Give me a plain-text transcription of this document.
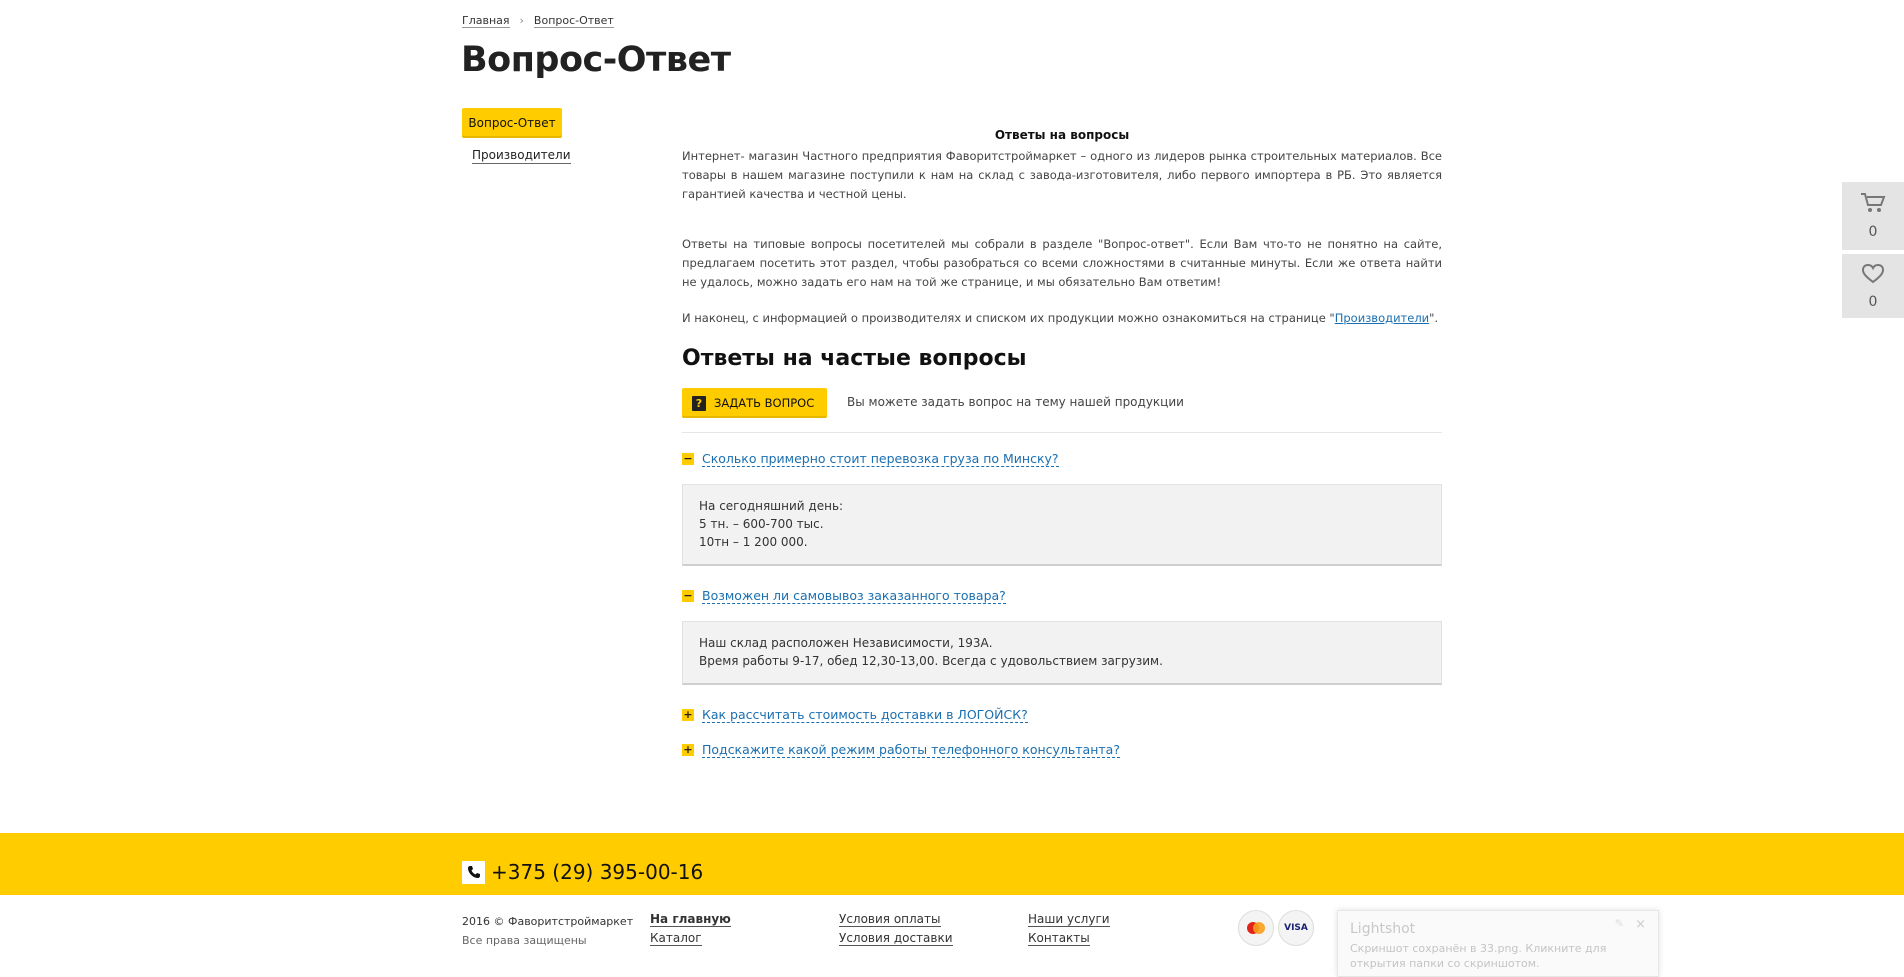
Главная › Вопрос-Ответ
Вопрос-Ответ
Вопрос-Ответ
Производители
Ответы на вопросы

Интернет- магазин Частного предприятия Фаворитстроймаркет – одного из лидеров рынка строительных материалов. Все товары в нашем магазине поступили к нам на склад с завода-изготовителя, либо первого импортера в РБ. Это является гарантией качества и честной цены.

Ответы на типовые вопросы посетителей мы собрали в разделе "Вопрос-ответ". Если Вам что-то не понятно на сайте, предлагаем посетить этот раздел, чтобы разобраться со всеми сложностями в считанные минуты. Если же ответа найти не удалось, можно задать его нам на той же странице, и мы обязательно Вам ответим!

И наконец, с информацией о производителях и списком их продукции можно ознакомиться на странице "Производители".

Ответы на частые вопросы
?	ЗАДАТЬ ВОПРОС	Вы можете задать вопрос на тему нашей продукции
− Сколько примерно стоит перевозка груза по Минску?
На сегодняшний день:
5 тн. – 600-700 тыс.
10тн – 1 200 000.
− Возможен ли самовывоз заказанного товара?
Наш склад расположен Независимости, 193А.
Время работы 9-17, обед 12,30-13,00. Всегда с удовольствием загрузим.
+ Как рассчитать стоимость доставки в ЛОГОЙСК?
+ Подскажите какой режим работы телефонного консультанта?
0
0
+375 (29) 395-00-16
2016 © Фаворитстроймаркет
Все права защищены
На главную
Каталог
Условия оплаты
Условия доставки
Наши услуги
Контакты
VISA	Lightshot	✎ ×
Скриншот сохранён в 33.png. Кликните для открытия папки со скриншотом.
